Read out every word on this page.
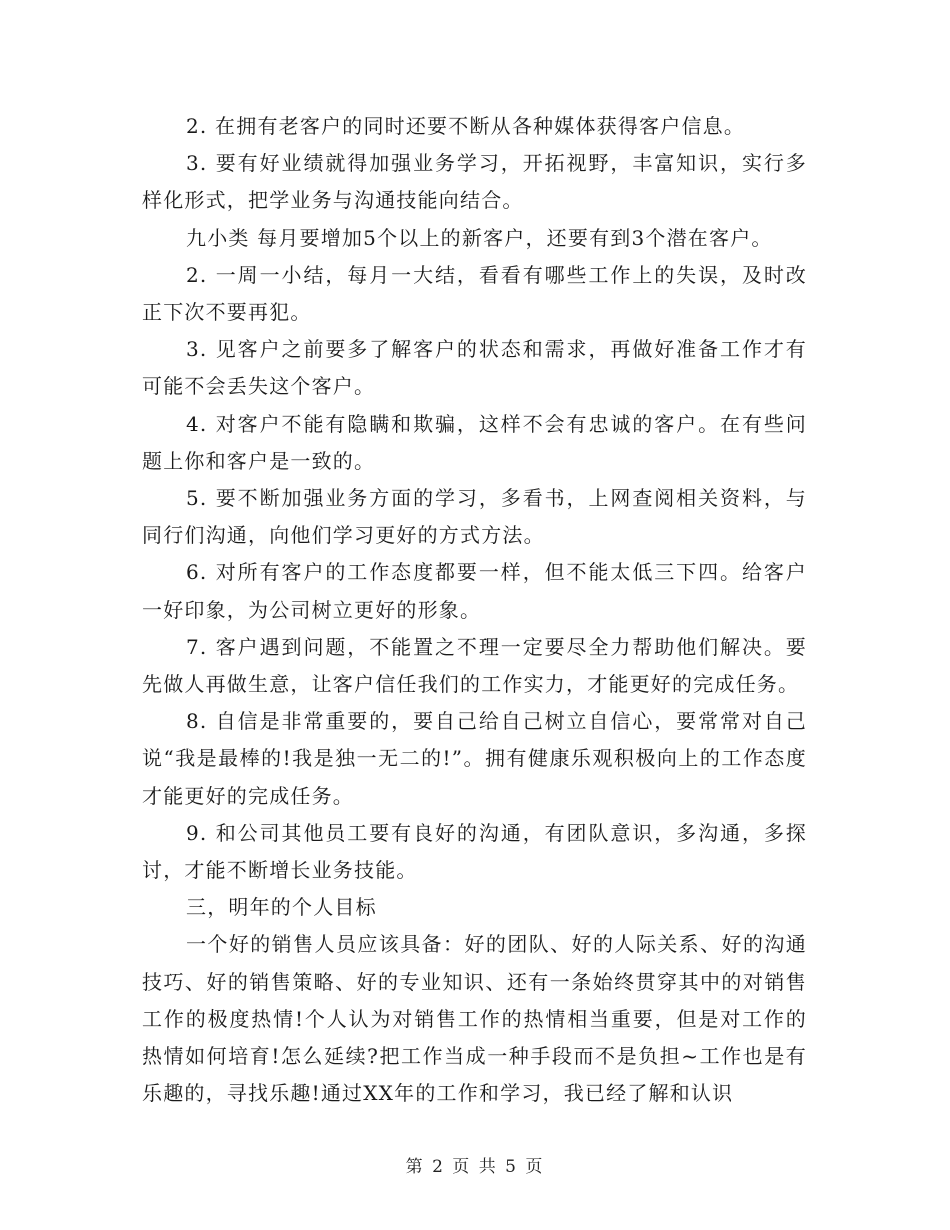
2. 在拥有老客户的同时还要不断从各种媒体获得客户信息。

3. 要有好业绩就得加强业务学习，开拓视野，丰富知识，实行多样化形式，把学业务与沟通技能向结合。

九小类 每月要增加5个以上的新客户，还要有到3个潜在客户。

2. 一周一小结，每月一大结，看看有哪些工作上的失误，及时改正下次不要再犯。

3. 见客户之前要多了解客户的状态和需求，再做好准备工作才有可能不会丢失这个客户。

4. 对客户不能有隐瞒和欺骗，这样不会有忠诚的客户。在有些问题上你和客户是一致的。

5. 要不断加强业务方面的学习，多看书，上网查阅相关资料，与同行们沟通，向他们学习更好的方式方法。

6. 对所有客户的工作态度都要一样，但不能太低三下四。给客户一好印象，为公司树立更好的形象。

7. 客户遇到问题，不能置之不理一定要尽全力帮助他们解决。要先做人再做生意，让客户信任我们的工作实力，才能更好的完成任务。

8. 自信是非常重要的，要自己给自己树立自信心，要常常对自己说“我是最棒的!我是独一无二的!”。拥有健康乐观积极向上的工作态度才能更好的完成任务。

9. 和公司其他员工要有良好的沟通，有团队意识，多沟通，多探讨，才能不断增长业务技能。

三，明年的个人目标

一个好的销售人员应该具备：好的团队、好的人际关系、好的沟通技巧、好的销售策略、好的专业知识、还有一条始终贯穿其中的对销售工作的极度热情!个人认为对销售工作的热情相当重要，但是对工作的热情如何培育!怎么延续?把工作当成一种手段而不是负担~工作也是有乐趣的，寻找乐趣!通过XX年的工作和学习，我已经了解和认识

第 2 页 共 5 页
